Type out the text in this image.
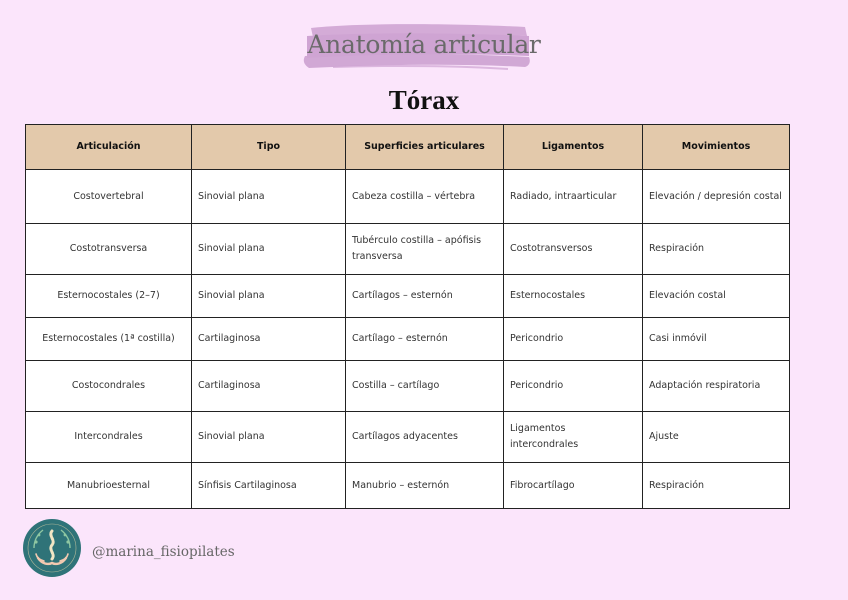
Anatomía articular
Tórax
Articulación	Tipo	Superficies articulares	Ligamentos	Movimientos
Costovertebral	Sinovial plana	Cabeza costilla – vértebra	Radiado, intraarticular	Elevación / depresión costal
Costotransversa	Sinovial plana	Tubérculo costilla – apófisis transversa	Costotransversos	Respiración
Esternocostales (2–7)	Sinovial plana	Cartílagos – esternón	Esternocostales	Elevación costal
Esternocostales (1ª costilla)	Cartilaginosa	Cartílago – esternón	Pericondrio	Casi inmóvil
Costocondrales	Cartilaginosa	Costilla – cartílago	Pericondrio	Adaptación respiratoria
Intercondrales	Sinovial plana	Cartílagos adyacentes	Ligamentos intercondrales	Ajuste
Manubrioesternal	Sínfisis Cartilaginosa	Manubrio – esternón	Fibrocartílago	Respiración
@marina_fisiopilates
